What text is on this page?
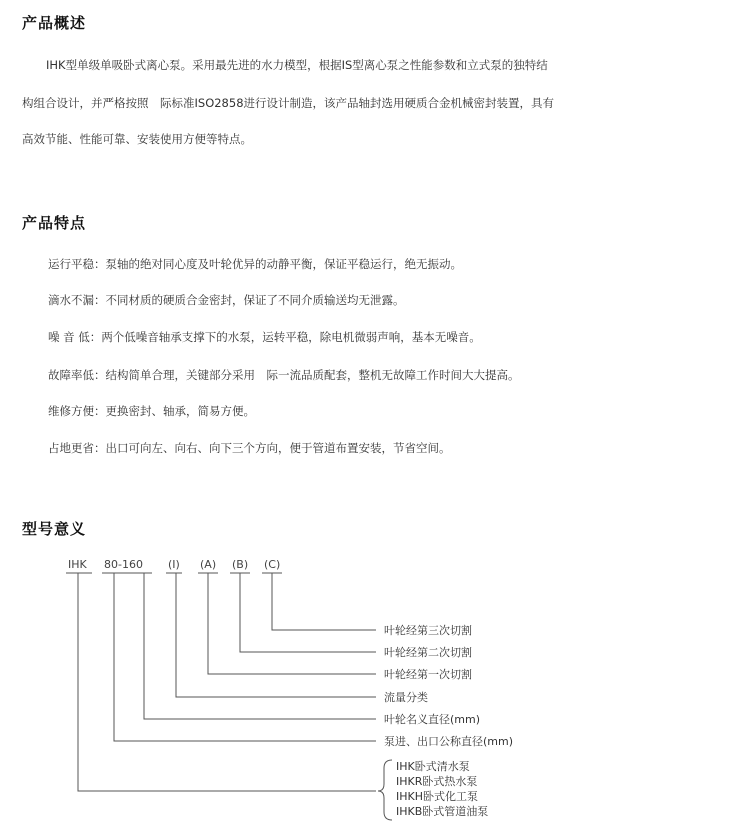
产品概述

IHK型单级单吸卧式离心泵。采用最先进的水力模型，根据IS型离心泵之性能参数和立式泵的独特结

构组合设计，并严格按照　际标准ISO2858进行设计制造，该产品轴封选用硬质合金机械密封装置，具有

高效节能、性能可靠、安装使用方便等特点。

产品特点
运行平稳：泵轴的绝对同心度及叶轮优异的动静平衡，保证平稳运行，绝无振动。
滴水不漏：不同材质的硬质合金密封，保证了不同介质输送均无泄露。
噪 音 低：两个低噪音轴承支撑下的水泵，运转平稳，除电机微弱声响，基本无噪音。
故障率低：结构简单合理，关键部分采用　际一流品质配套，整机无故障工作时间大大提高。
维修方便：更换密封、轴承，简易方便。
占地更省：出口可向左、向右、向下三个方向，便于管道布置安装，节省空间。
型号意义
IHK 80-160 (I) (A) (B) (C)
叶轮经第三次切割
叶轮经第二次切割
叶轮经第一次切割
流量分类
叶轮名义直径(mm)
泵进、出口公称直径(mm)
IHK卧式清水泵
IHKR卧式热水泵
IHKH卧式化工泵
IHKB卧式管道油泵
